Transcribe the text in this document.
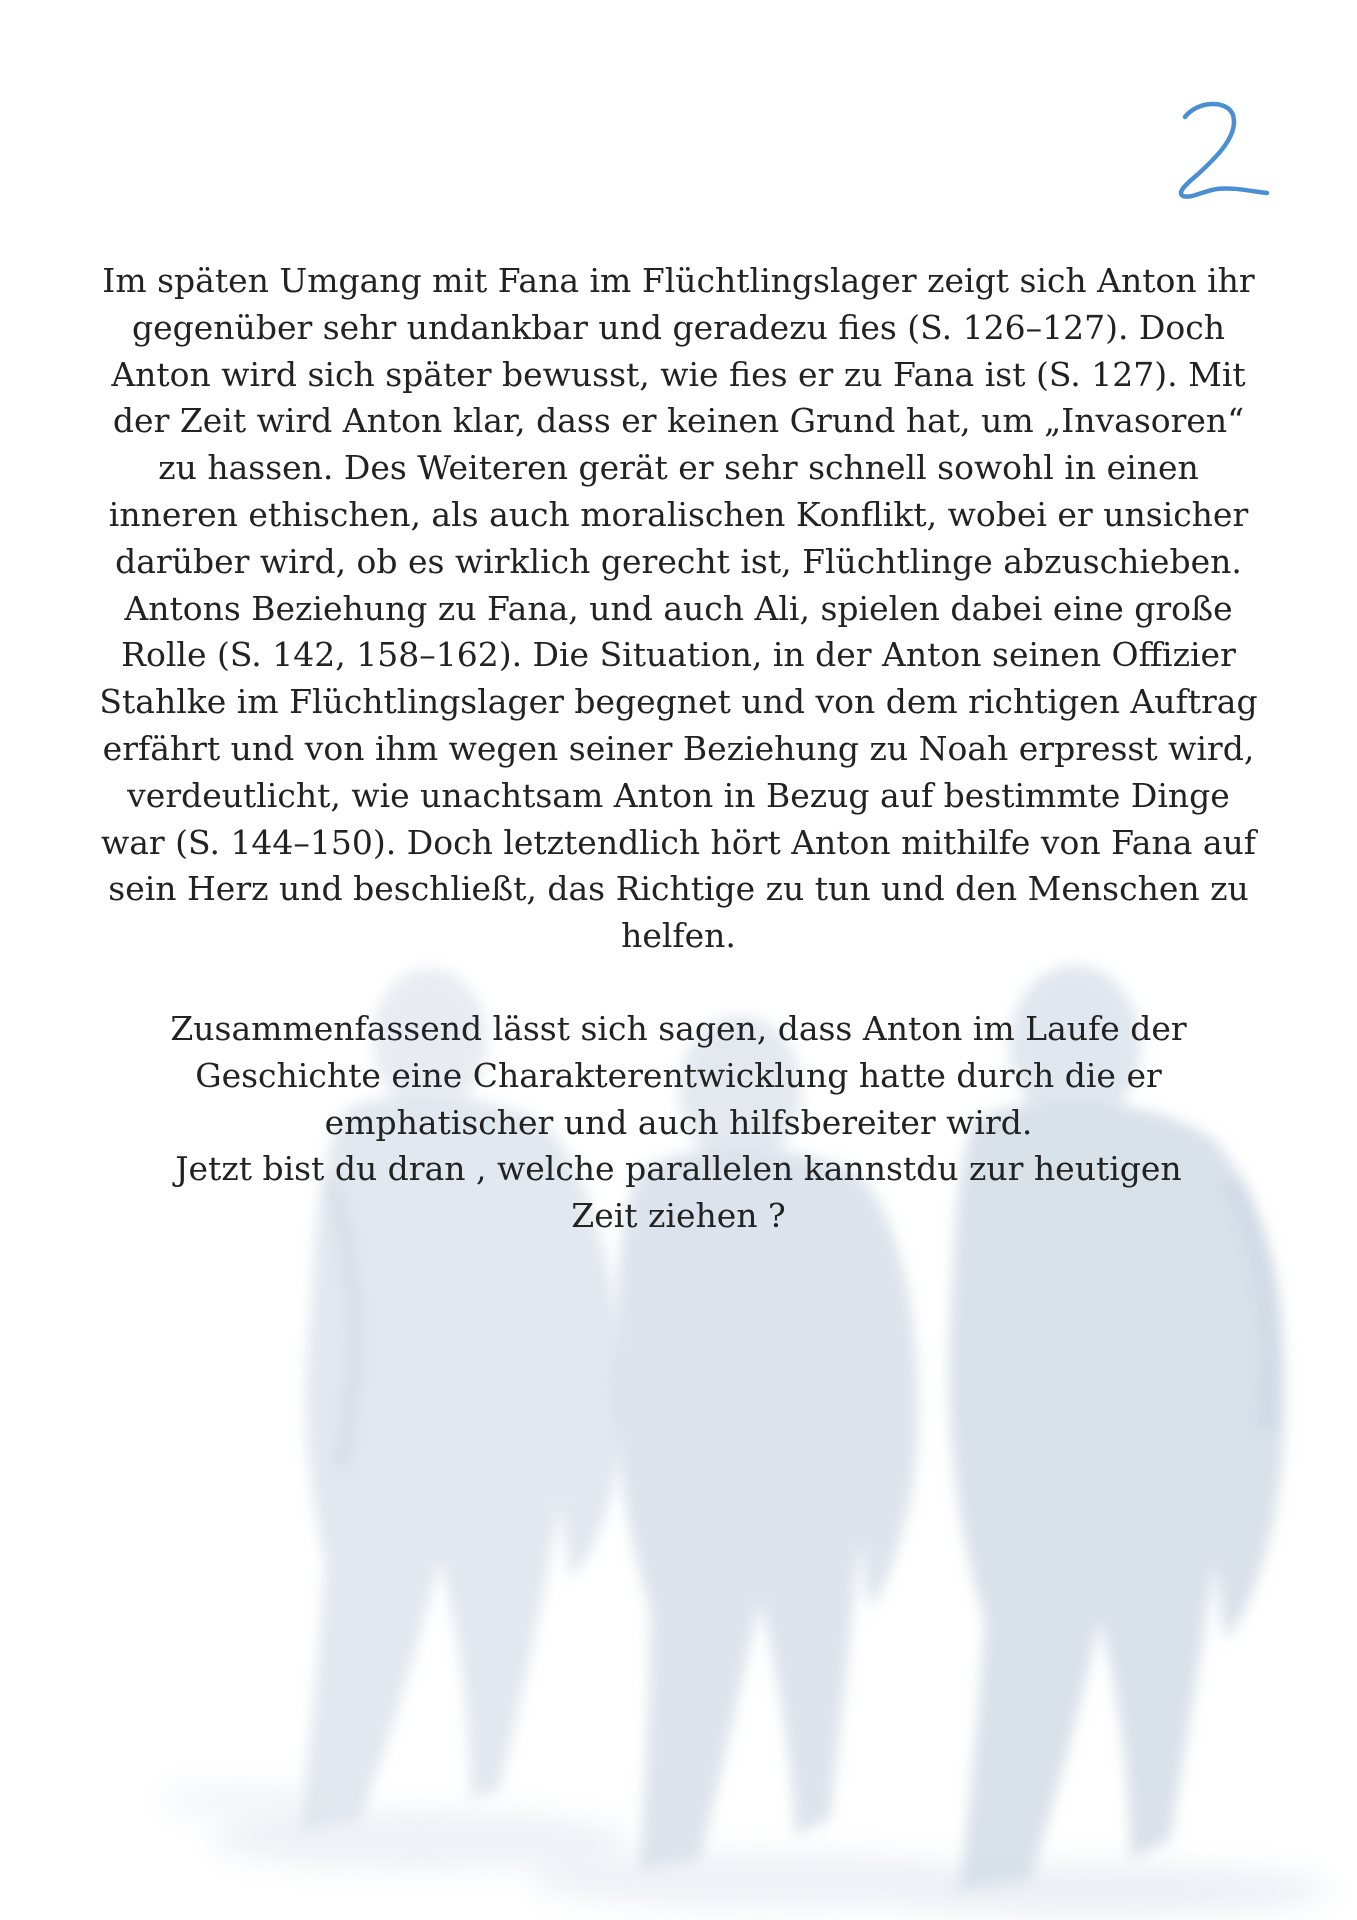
2

Im späten Umgang mit Fana im Flüchtlingslager zeigt sich Anton ihr gegenüber sehr undankbar und geradezu fies (S. 126–127). Doch Anton wird sich später bewusst, wie fies er zu Fana ist (S. 127). Mit der Zeit wird Anton klar, dass er keinen Grund hat, um „Invasoren“ zu hassen. Des Weiteren gerät er sehr schnell sowohl in einen inneren ethischen, als auch moralischen Konflikt, wobei er unsicher darüber wird, ob es wirklich gerecht ist, Flüchtlinge abzuschieben. Antons Beziehung zu Fana, und auch Ali, spielen dabei eine große Rolle (S. 142, 158–162). Die Situation, in der Anton seinen Offizier Stahlke im Flüchtlingslager begegnet und von dem richtigen Auftrag erfährt und von ihm wegen seiner Beziehung zu Noah erpresst wird, verdeutlicht, wie unachtsam Anton in Bezug auf bestimmte Dinge war (S. 144–150). Doch letztendlich hört Anton mithilfe von Fana auf sein Herz und beschließt, das Richtige zu tun und den Menschen zu helfen.

Zusammenfassend lässt sich sagen, dass Anton im Laufe der Geschichte eine Charakterentwicklung hatte durch die er emphatischer und auch hilfsbereiter wird.

Jetzt bist du dran , welche parallelen kannstdu zur heutigen Zeit ziehen ?
